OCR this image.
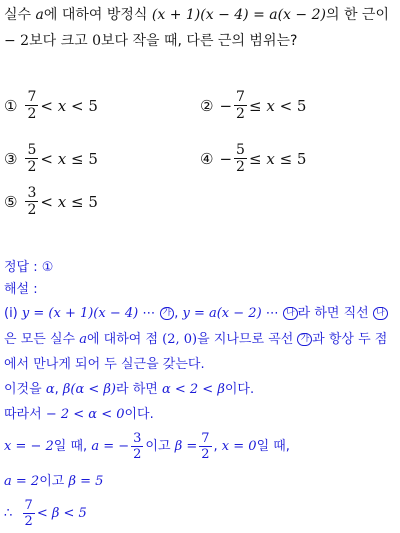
실수 a에 대하여 방정식 (x + 1)(x − 4) = a(x − 2)의 한 근이
− 2보다 크고 0보다 작을 때, 다른 근의 범위는?
① $\frac{7}{2}$ <
x
<
5	② − $\frac{7}{2}$ ≤
x
<
5
③ $\frac{5}{2}$ <
x
≤
5	④ − $\frac{5}{2}$ ≤
x
≤
5
⑤ $\frac{3}{2}$ <
x
≤
5
정답 : ①
해설 :
(i) y = (x + 1)(x − 4) ⋯ 가 , y = a(x − 2) ⋯ 나 라 하면 직선 나
은 모든 실수 a에 대하여 점 (2, 0)을 지나므로 곡선 가 과 항상 두 점
에서 만나게 되어 두 실근을 갖는다.
이것을 α, β(α < β)라 하면 α < 2 < β이다.
따라서 − 2 < α < 0이다.
x = − 2일 때, a = − $\frac{3}{2}$ 이고 $\beta = \frac{7}{2}$ , x = 0일 때,
a = 2이고 β = 5
∴ $\frac{7}{2} < \beta < 5$
